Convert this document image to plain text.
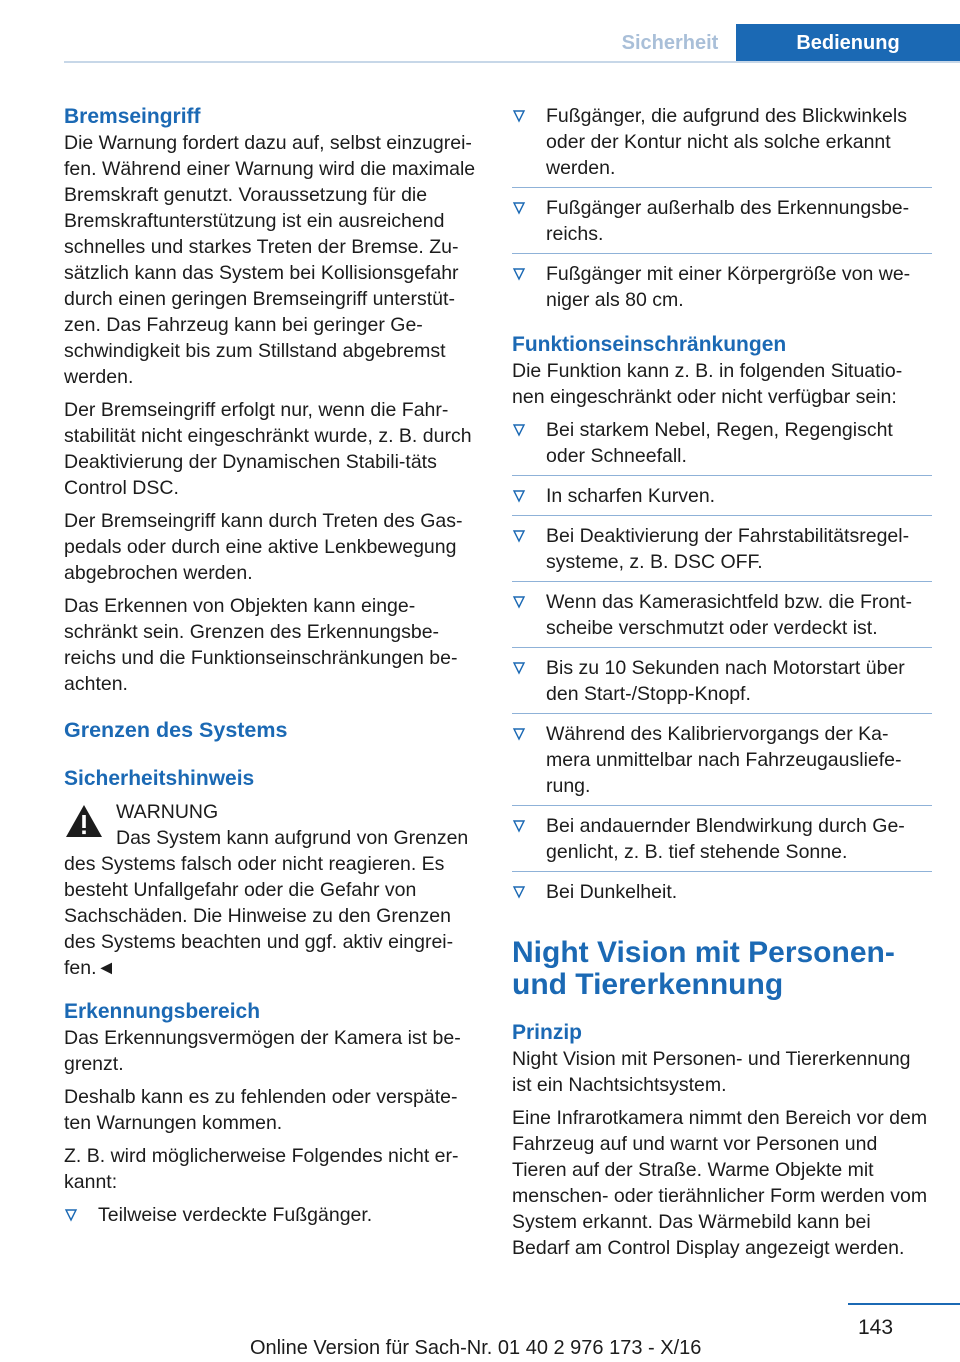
Sicherheit	Bedienung
Bremseingriff

Die Warnung fordert dazu auf, selbst einzugrei-fen. Während einer Warnung wird die maximale Bremskraft genutzt. Voraussetzung für die Bremskraftunterstützung ist ein ausreichend schnelles und starkes Treten der Bremse. Zu-sätzlich kann das System bei Kollisionsgefahr durch einen geringen Bremseingriff unterstüt-zen. Das Fahrzeug kann bei geringer Ge-schwindigkeit bis zum Stillstand abgebremst werden.

Der Bremseingriff erfolgt nur, wenn die Fahr-stabilität nicht eingeschränkt wurde, z. B. durch Deaktivierung der Dynamischen Stabili-täts Control DSC.

Der Bremseingriff kann durch Treten des Gas-pedals oder durch eine aktive Lenkbewegung abgebrochen werden.

Das Erkennen von Objekten kann einge-schränkt sein. Grenzen des Erkennungsbe-reichs und die Funktionseinschränkungen be-achten.

Grenzen des Systems
Sicherheitshinweis
WARNUNG

Das System kann aufgrund von Grenzen des Systems falsch oder nicht reagieren. Es besteht Unfallgefahr oder die Gefahr von Sachschäden. Die Hinweise zu den Grenzen des Systems beachten und ggf. aktiv eingrei-fen.◄

Erkennungsbereich

Das Erkennungsvermögen der Kamera ist be-grenzt.

Deshalb kann es zu fehlenden oder verspäte-ten Warnungen kommen.

Z. B. wird möglicherweise Folgendes nicht er-kannt:

Teilweise verdeckte Fußgänger.
Fußgänger, die aufgrund des Blickwinkels oder der Kontur nicht als solche erkannt werden.
Fußgänger außerhalb des Erkennungsbe-reichs.
Fußgänger mit einer Körpergröße von we-niger als 80 cm.
Funktionseinschränkungen

Die Funktion kann z. B. in folgenden Situatio-nen eingeschränkt oder nicht verfügbar sein:

Bei starkem Nebel, Regen, Regengischt oder Schneefall.
In scharfen Kurven.
Bei Deaktivierung der Fahrstabilitätsregel-systeme, z. B. DSC OFF.
Wenn das Kamerasichtfeld bzw. die Front-scheibe verschmutzt oder verdeckt ist.
Bis zu 10 Sekunden nach Motorstart über den Start-/Stopp-Knopf.
Während des Kalibriervorgangs der Ka-mera unmittelbar nach Fahrzeugausliefe-rung.
Bei andauernder Blendwirkung durch Ge-genlicht, z. B. tief stehende Sonne.
Bei Dunkelheit.
Night Vision mit Personen- und Tiererkennung
Prinzip

Night Vision mit Personen- und Tiererkennung ist ein Nachtsichtsystem.

Eine Infrarotkamera nimmt den Bereich vor dem Fahrzeug auf und warnt vor Personen und Tieren auf der Straße. Warme Objekte mit menschen- oder tierähnlicher Form werden vom System erkannt. Das Wärmebild kann bei Bedarf am Control Display angezeigt werden.

143
Online Version für Sach-Nr. 01 40 2 976 173 - X/16
